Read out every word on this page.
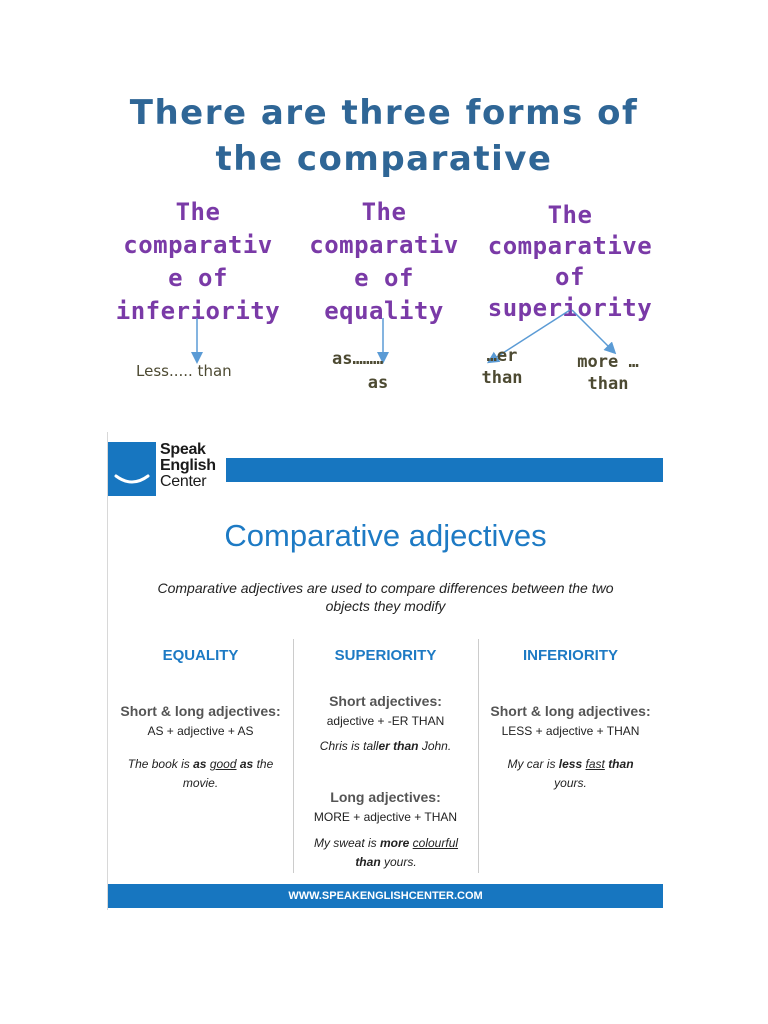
There are three forms of
the comparative
The
comparativ
e of
inferiority
The
comparativ
e of
equality
The
comparative
of
superiority
Less..... than
as………
as
…er
than
more …
than
Speak
English
Center
Comparative adjectives
Comparative adjectives are used to compare differences between the two objects they modify
EQUALITY	SUPERIORITY	INFERIORITY
Short & long adjectives:
AS + adjective + AS
The book is as good as the movie.
Short adjectives:
adjective + -ER THAN
Chris is taller than John.
Long adjectives:
MORE + adjective + THAN
My sweat is more colourful
than yours.
Short & long adjectives:
LESS + adjective + THAN
My car is less fast than yours.
WWW.SPEAKENGLISHCENTER.COM
